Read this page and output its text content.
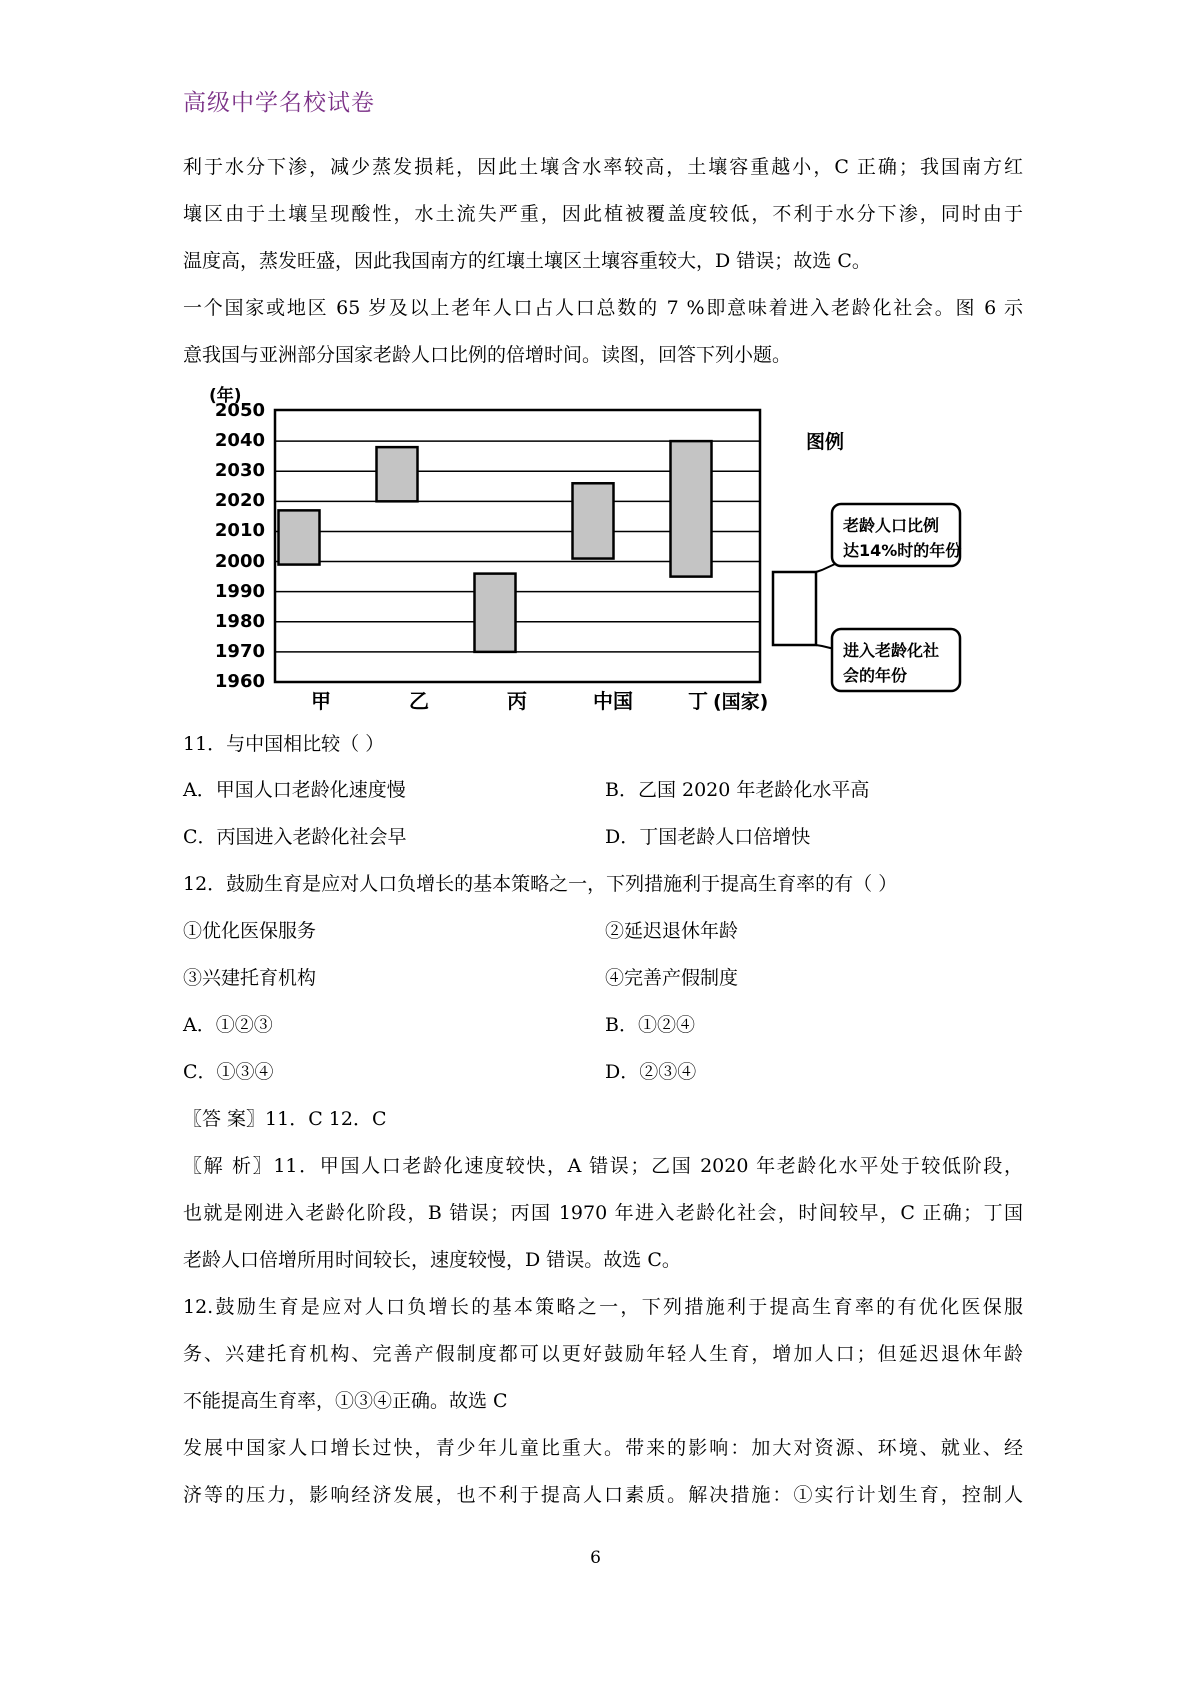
高级中学名校试卷
利于水分下渗，减少蒸发损耗，因此土壤含水率较高，土壤容重越小，C 正确；我国南方红
壤区由于土壤呈现酸性，水土流失严重，因此植被覆盖度较低，不利于水分下渗，同时由于
温度高，蒸发旺盛，因此我国南方的红壤土壤区土壤容重较大，D 错误；故选 C。
一个国家或地区 65 岁及以上老年人口占人口总数的 7 %即意味着进入老龄化社会。图 6 示
意我国与亚洲部分国家老龄人口比例的倍增时间。读图，回答下列小题。
(年)
2050
2040
2030
2020
2010
2000
1990
1980
1970
1960
甲	乙	丙	中国	丁 (国家)
图例
老龄人口比例
达14%时的年份
进入老龄化社
会的年份
11．与中国相比较（ ）
A．甲国人口老龄化速度慢	B．乙国 2020 年老龄化水平高
C．丙国进入老龄化社会早	D．丁国老龄人口倍增快
12．鼓励生育是应对人口负增长的基本策略之一，下列措施利于提高生育率的有（ ）
①优化医保服务	②延迟退休年龄
③兴建托育机构	④完善产假制度
A．①②③	B．①②④
C．①③④	D．②③④
〖答 案〗11．C 12．C
〖解 析〗11．甲国人口老龄化速度较快，A 错误；乙国 2020 年老龄化水平处于较低阶段，
也就是刚进入老龄化阶段，B 错误；丙国 1970 年进入老龄化社会，时间较早，C 正确；丁国
老龄人口倍增所用时间较长，速度较慢，D 错误。故选 C。
12.鼓励生育是应对人口负增长的基本策略之一，下列措施利于提高生育率的有优化医保服
务、兴建托育机构、完善产假制度都可以更好鼓励年轻人生育，增加人口；但延迟退休年龄
不能提高生育率，①③④正确。故选 C
发展中国家人口增长过快，青少年儿童比重大。带来的影响：加大对资源、环境、就业、经
济等的压力，影响经济发展，也不利于提高人口素质。解决措施：①实行计划生育，控制人
6
